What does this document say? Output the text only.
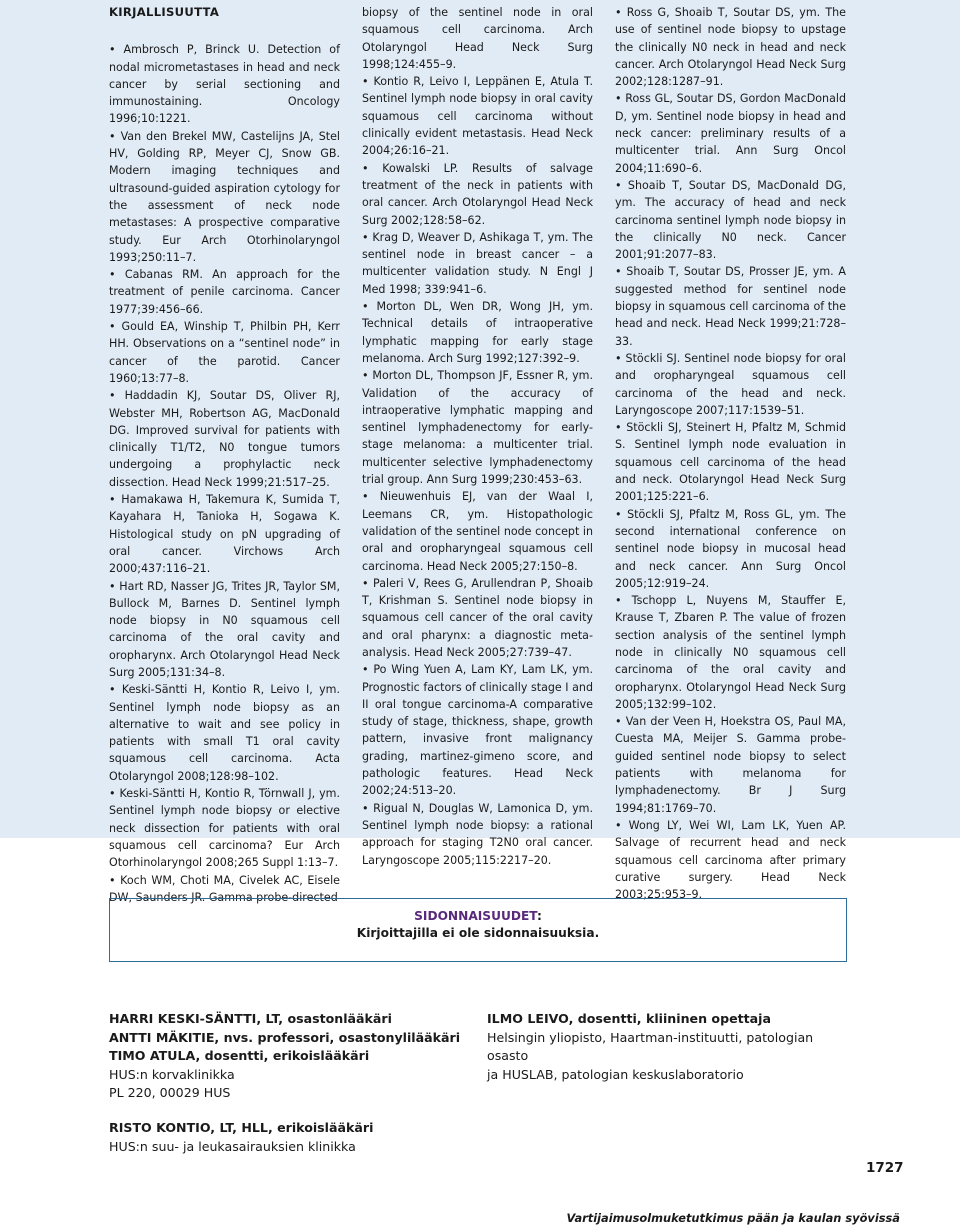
KIRJALLISUUTTA
• Ambrosch P, Brinck U. Detection of nodal micrometastases in head and neck cancer by serial sectioning and immunostaining. Oncology 1996;10:1221.
• Van den Brekel MW, Castelijns JA, Stel HV, Golding RP, Meyer CJ, Snow GB. Modern imaging techniques and ultrasound-guided aspiration cytology for the assessment of neck node metastases: A prospective comparative study. Eur Arch Otorhinolaryngol 1993;250:11–7.
• Cabanas RM. An approach for the treatment of penile carcinoma. Cancer 1977;39:456–66.
• Gould EA, Winship T, Philbin PH, Kerr HH. Observations on a “sentinel node” in cancer of the parotid. Cancer 1960;13:77–8.
• Haddadin KJ, Soutar DS, Oliver RJ, Webster MH, Robertson AG, MacDonald DG. Improved survival for patients with clinically T1/T2, N0 tongue tumors undergoing a prophylactic neck dissection. Head Neck 1999;21:517–25.
• Hamakawa H, Takemura K, Sumida T, Kayahara H, Tanioka H, Sogawa K. Histological study on pN upgrading of oral cancer. Virchows Arch 2000;437:116–21.
• Hart RD, Nasser JG, Trites JR, Taylor SM, Bullock M, Barnes D. Sentinel lymph node biopsy in N0 squamous cell carcinoma of the oral cavity and oropharynx. Arch Otolaryngol Head Neck Surg 2005;131:34–8.
• Keski-Säntti H, Kontio R, Leivo I, ym. Sentinel lymph node biopsy as an alternative to wait and see policy in patients with small T1 oral cavity squamous cell carcinoma. Acta Otolaryngol 2008;128:98–102.
• Keski-Säntti H, Kontio R, Törnwall J, ym. Sentinel lymph node biopsy or elective neck dissection for patients with oral squamous cell carcinoma? Eur Arch Otorhinolaryngol 2008;265 Suppl 1:13–7.
• Koch WM, Choti MA, Civelek AC, Eisele DW, Saunders JR. Gamma probe-directed
biopsy of the sentinel node in oral squamous cell carcinoma. Arch Otolaryngol Head Neck Surg 1998;124:455–9.
• Kontio R, Leivo I, Leppänen E, Atula T. Sentinel lymph node biopsy in oral cavity squamous cell carcinoma without clinically evident metastasis. Head Neck 2004;26:16–21.
• Kowalski LP. Results of salvage treatment of the neck in patients with oral cancer. Arch Otolaryngol Head Neck Surg 2002;128:58–62.
• Krag D, Weaver D, Ashikaga T, ym. The sentinel node in breast cancer – a multicenter validation study. N Engl J Med 1998; 339:941–6.
• Morton DL, Wen DR, Wong JH, ym. Technical details of intraoperative lymphatic mapping for early stage melanoma. Arch Surg 1992;127:392–9.
• Morton DL, Thompson JF, Essner R, ym. Validation of the accuracy of intraoperative lymphatic mapping and sentinel lymphadenectomy for early-stage melanoma: a multicenter trial. multicenter selective lymphadenectomy trial group. Ann Surg 1999;230:453–63.
• Nieuwenhuis EJ, van der Waal I, Leemans CR, ym. Histopathologic validation of the sentinel node concept in oral and oropharyngeal squamous cell carcinoma. Head Neck 2005;27:150–8.
• Paleri V, Rees G, Arullendran P, Shoaib T, Krishman S. Sentinel node biopsy in squamous cell cancer of the oral cavity and oral pharynx: a diagnostic meta-analysis. Head Neck 2005;27:739–47.
• Po Wing Yuen A, Lam KY, Lam LK, ym. Prognostic factors of clinically stage I and II oral tongue carcinoma-A comparative study of stage, thickness, shape, growth pattern, invasive front malignancy grading, martinez-gimeno score, and pathologic features. Head Neck 2002;24:513–20.
• Rigual N, Douglas W, Lamonica D, ym. Sentinel lymph node biopsy: a rational approach for staging T2N0 oral cancer. Laryngoscope 2005;115:2217–20.
• Ross G, Shoaib T, Soutar DS, ym. The use of sentinel node biopsy to upstage the clinically N0 neck in head and neck cancer. Arch Otolaryngol Head Neck Surg 2002;128:1287–91.
• Ross GL, Soutar DS, Gordon MacDonald D, ym. Sentinel node biopsy in head and neck cancer: preliminary results of a multicenter trial. Ann Surg Oncol 2004;11:690–6.
• Shoaib T, Soutar DS, MacDonald DG, ym. The accuracy of head and neck carcinoma sentinel lymph node biopsy in the clinically N0 neck. Cancer 2001;91:2077–83.
• Shoaib T, Soutar DS, Prosser JE, ym. A suggested method for sentinel node biopsy in squamous cell carcinoma of the head and neck. Head Neck 1999;21:728–33.
• Stöckli SJ. Sentinel node biopsy for oral and oropharyngeal squamous cell carcinoma of the head and neck. Laryngoscope 2007;117:1539–51.
• Stöckli SJ, Steinert H, Pfaltz M, Schmid S. Sentinel lymph node evaluation in squamous cell carcinoma of the head and neck. Otolaryngol Head Neck Surg 2001;125:221–6.
• Stöckli SJ, Pfaltz M, Ross GL, ym. The second international conference on sentinel node biopsy in mucosal head and neck cancer. Ann Surg Oncol 2005;12:919–24.
• Tschopp L, Nuyens M, Stauffer E, Krause T, Zbaren P. The value of frozen section analysis of the sentinel lymph node in clinically N0 squamous cell carcinoma of the oral cavity and oropharynx. Otolaryngol Head Neck Surg 2005;132:99–102.
• Van der Veen H, Hoekstra OS, Paul MA, Cuesta MA, Meijer S. Gamma probe-guided sentinel node biopsy to select patients with melanoma for lymphadenectomy. Br J Surg 1994;81:1769–70.
• Wong LY, Wei WI, Lam LK, Yuen AP. Salvage of recurrent head and neck squamous cell carcinoma after primary curative surgery. Head Neck 2003;25:953–9.
SIDONNAISUUDET:
Kirjoittajilla ei ole sidonnaisuuksia.
HARRI KESKI-SÄNTTI, LT, osastonlääkäri
ANTTI MÄKITIE, nvs. professori, osastonylilääkäri
TIMO ATULA, dosentti, erikoislääkäri
HUS:n korvaklinikka
PL 220, 00029 HUS
ILMO LEIVO, dosentti, kliininen opettaja
Helsingin yliopisto, Haartman-instituutti, patologian osasto
ja HUSLAB, patologian keskuslaboratorio
RISTO KONTIO, LT, HLL, erikoislääkäri
HUS:n suu- ja leukasairauksien klinikka
1727
Vartijaimusolmuketutkimus pään ja kaulan syövissä
